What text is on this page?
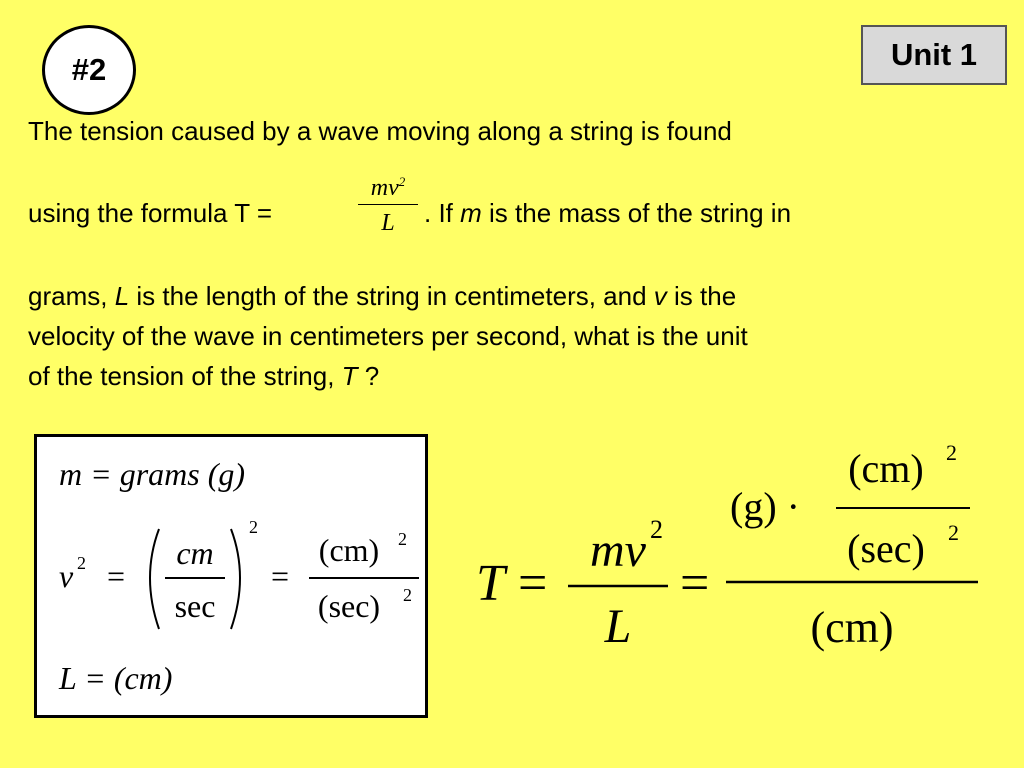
#2	Unit 1
The tension caused by a wave moving along a string is found
using the formula T =
$mv^2$
L	. If m is the mass of the string in
grams, L is the length of the string in centimeters, and v is the
velocity of the wave in centimeters per second, what is the unit
of the tension of the string, T ?
m = grams (g)
v 2 =
cm
sec
2
=
(cm) 2
(sec) 2
L = (cm)
T =
mv 2
L
=
(g) ·
(cm) 2
(sec) 2
(cm)
